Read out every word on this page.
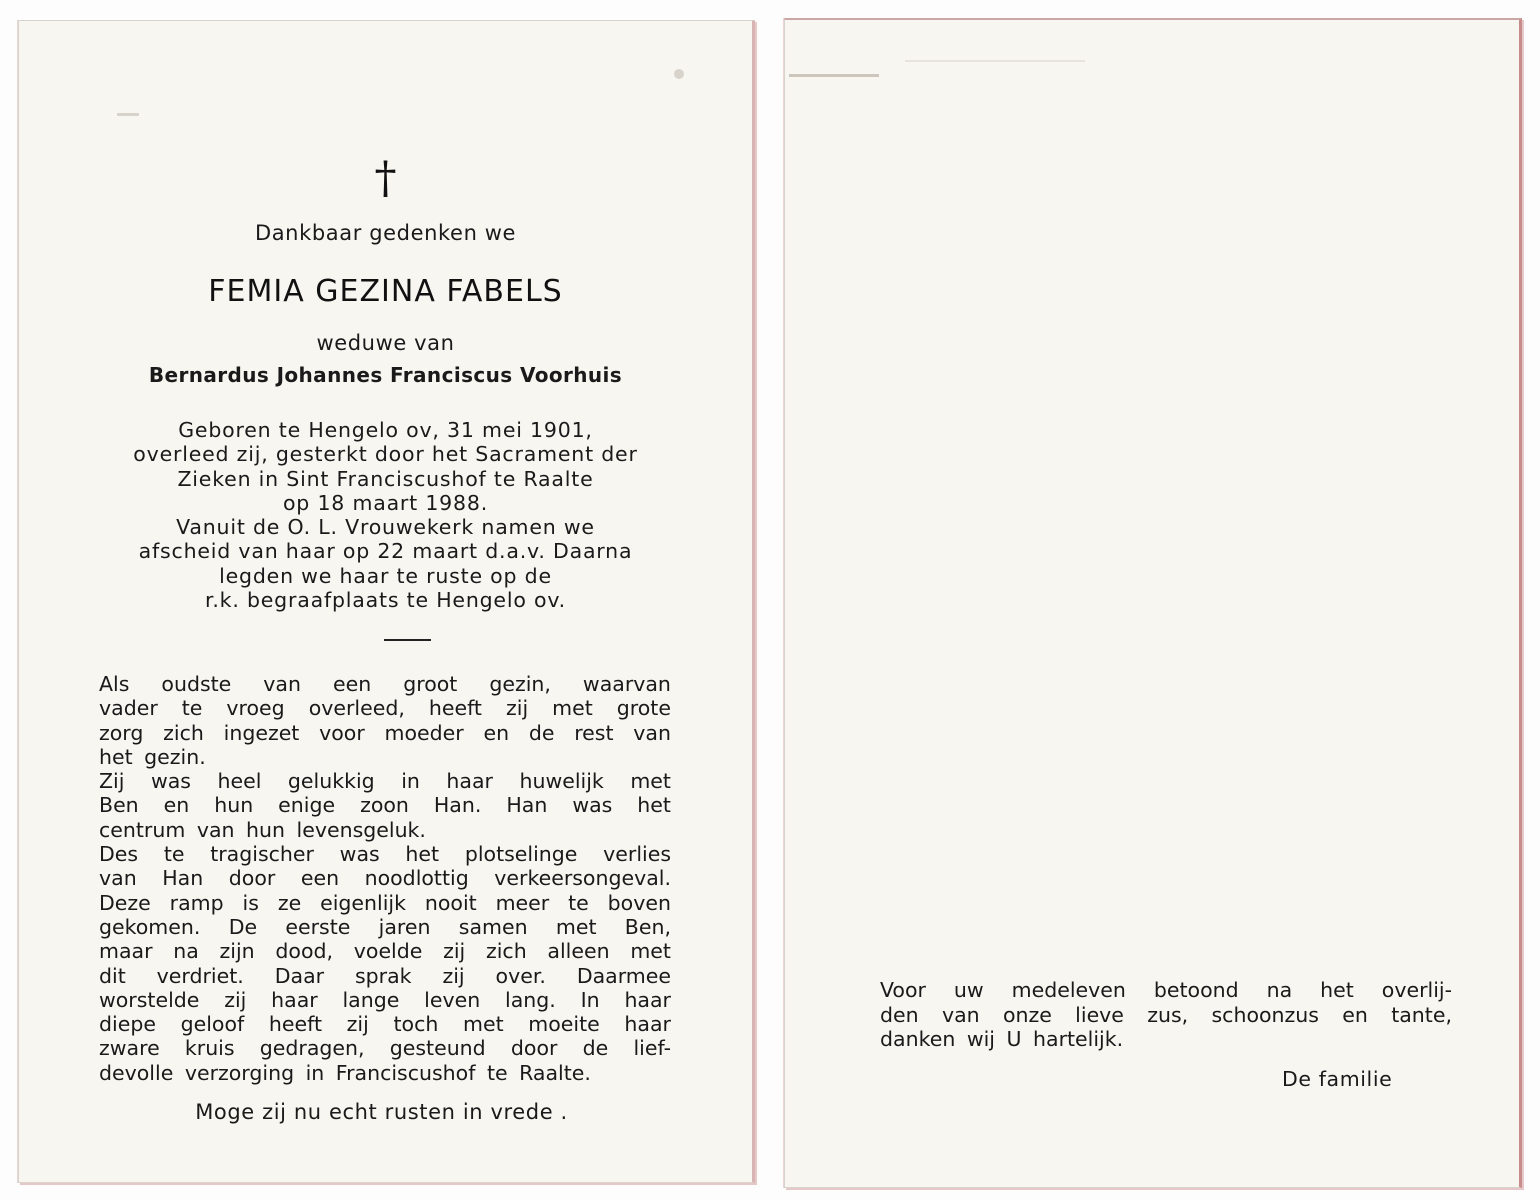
†
Dankbaar gedenken we
FEMIA GEZINA FABELS
weduwe van
Bernardus Johannes Franciscus Voorhuis
Geboren te Hengelo ov, 31 mei 1901,
overleed zij, gesterkt door het Sacrament der
Zieken in Sint Franciscushof te Raalte
op 18 maart 1988.
Vanuit de O. L. Vrouwekerk namen we
afscheid van haar op 22 maart d.a.v. Daarna
legden we haar te ruste op de
r.k. begraafplaats te Hengelo ov.
Als oudste van een groot gezin, waarvan
vader te vroeg overleed, heeft zij met grote
zorg zich ingezet voor moeder en de rest van
het gezin.
Zij was heel gelukkig in haar huwelijk met
Ben en hun enige zoon Han. Han was het
centrum van hun levensgeluk.
Des te tragischer was het plotselinge verlies
van Han door een noodlottig verkeersongeval.
Deze ramp is ze eigenlijk nooit meer te boven
gekomen. De eerste jaren samen met Ben,
maar na zijn dood, voelde zij zich alleen met
dit verdriet. Daar sprak zij over. Daarmee
worstelde zij haar lange leven lang. In haar
diepe geloof heeft zij toch met moeite haar
zware kruis gedragen, gesteund door de lief-
devolle verzorging in Franciscushof te Raalte.
Moge zij nu echt rusten in vrede .
Voor uw medeleven betoond na het overlij-
den van onze lieve zus, schoonzus en tante,
danken wij U hartelijk.
De familie
